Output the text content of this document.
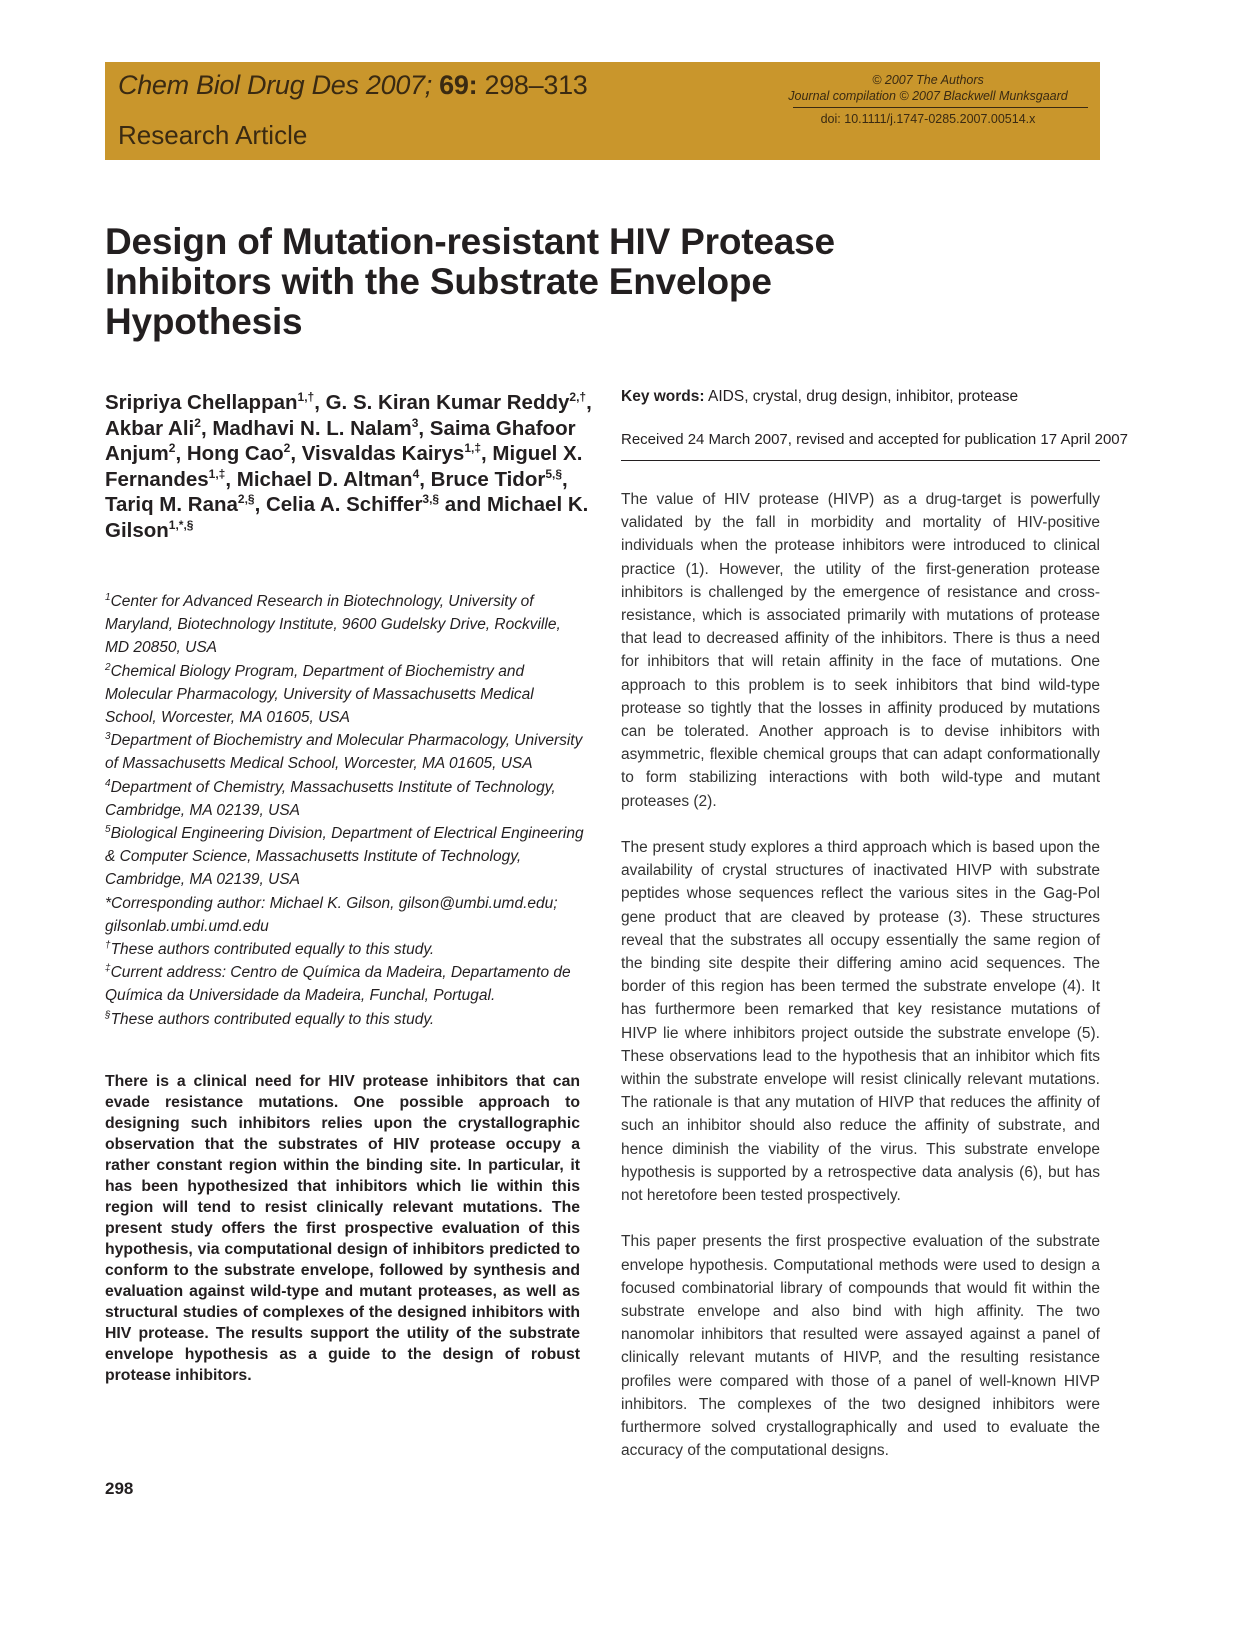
Chem Biol Drug Des 2007; 69: 298–313
Research Article
© 2007 The Authors
Journal compilation © 2007 Blackwell Munksgaard
doi: 10.1111/j.1747-0285.2007.00514.x
Design of Mutation-resistant HIV Protease
Inhibitors with the Substrate Envelope
Hypothesis
Sripriya Chellappan$^{1,\dagger}$, G. S. Kiran Kumar Reddy$^{2,\dagger}$, Akbar Ali$^2$, Madhavi N. L. Nalam$^3$, Saima Ghafoor Anjum$^2$, Hong Cao$^2$, Visvaldas Kairys$^{1,\ddagger}$, Miguel X. Fernandes$^{1,\ddagger}$, Michael D. Altman$^4$, Bruce Tidor$^{5,\S}$, Tariq M. Rana$^{2,\S}$, Celia A. Schiffer$^{3,\S}$ and Michael K. Gilson$^{1,*,\S}$

$^1$Center for Advanced Research in Biotechnology, University of

Maryland, Biotechnology Institute, 9600 Gudelsky Drive, Rockville,

MD 20850, USA

$^2$Chemical Biology Program, Department of Biochemistry and

Molecular Pharmacology, University of Massachusetts Medical

School, Worcester, MA 01605, USA

$^3$Department of Biochemistry and Molecular Pharmacology, University

of Massachusetts Medical School, Worcester, MA 01605, USA

$^4$Department of Chemistry, Massachusetts Institute of Technology,

Cambridge, MA 02139, USA

$^5$Biological Engineering Division, Department of Electrical Engineering

& Computer Science, Massachusetts Institute of Technology,

Cambridge, MA 02139, USA

*Corresponding author: Michael K. Gilson, gilson@umbi.umd.edu;

gilsonlab.umbi.umd.edu

†These authors contributed equally to this study.

‡Current address: Centro de Química da Madeira, Departamento de

Química da Universidade da Madeira, Funchal, Portugal.

§These authors contributed equally to this study.

There is a clinical need for HIV protease inhibitors that can evade resistance mutations. One possible approach to designing such inhibitors relies upon the crystallographic observation that the substrates of HIV protease occupy a rather constant region within the binding site. In particular, it has been hypothesized that inhibitors which lie within this region will tend to resist clinically relevant mutations. The present study offers the first prospective evaluation of this hypothesis, via computational design of inhibitors predicted to conform to the substrate envelope, followed by synthesis and evaluation against wild-type and mutant proteases, as well as structural studies of complexes of the designed inhibitors with HIV protease. The results support the utility of the substrate envelope hypothesis as a guide to the design of robust protease inhibitors.
298
Key words: AIDS, crystal, drug design, inhibitor, protease
Received 24 March 2007, revised and accepted for publication 17 April 2007

The value of HIV protease (HIVP) as a drug-target is powerfully validated by the fall in morbidity and mortality of HIV-positive individuals when the protease inhibitors were introduced to clinical practice (1). However, the utility of the first-generation protease inhibitors is challenged by the emergence of resistance and cross-resistance, which is associated primarily with mutations of protease that lead to decreased affinity of the inhibitors. There is thus a need for inhibitors that will retain affinity in the face of mutations. One approach to this problem is to seek inhibitors that bind wild-type protease so tightly that the losses in affinity produced by mutations can be tolerated. Another approach is to devise inhibitors with asymmetric, flexible chemical groups that can adapt conformationally to form stabilizing interactions with both wild-type and mutant proteases (2).

The present study explores a third approach which is based upon the availability of crystal structures of inactivated HIVP with substrate peptides whose sequences reflect the various sites in the Gag-Pol gene product that are cleaved by protease (3). These structures reveal that the substrates all occupy essentially the same region of the binding site despite their differing amino acid sequences. The border of this region has been termed the substrate envelope (4). It has furthermore been remarked that key resistance mutations of HIVP lie where inhibitors project outside the substrate envelope (5). These observations lead to the hypothesis that an inhibitor which fits within the substrate envelope will resist clinically relevant mutations. The rationale is that any mutation of HIVP that reduces the affinity of such an inhibitor should also reduce the affinity of substrate, and hence diminish the viability of the virus. This substrate envelope hypothesis is supported by a retrospective data analysis (6), but has not heretofore been tested prospectively.

This paper presents the first prospective evaluation of the substrate envelope hypothesis. Computational methods were used to design a focused combinatorial library of compounds that would fit within the substrate envelope and also bind with high affinity. The two nanomolar inhibitors that resulted were assayed against a panel of clinically relevant mutants of HIVP, and the resulting resistance profiles were compared with those of a panel of well-known HIVP inhibitors. The complexes of the two designed inhibitors were furthermore solved crystallographically and used to evaluate the accuracy of the computational designs.
